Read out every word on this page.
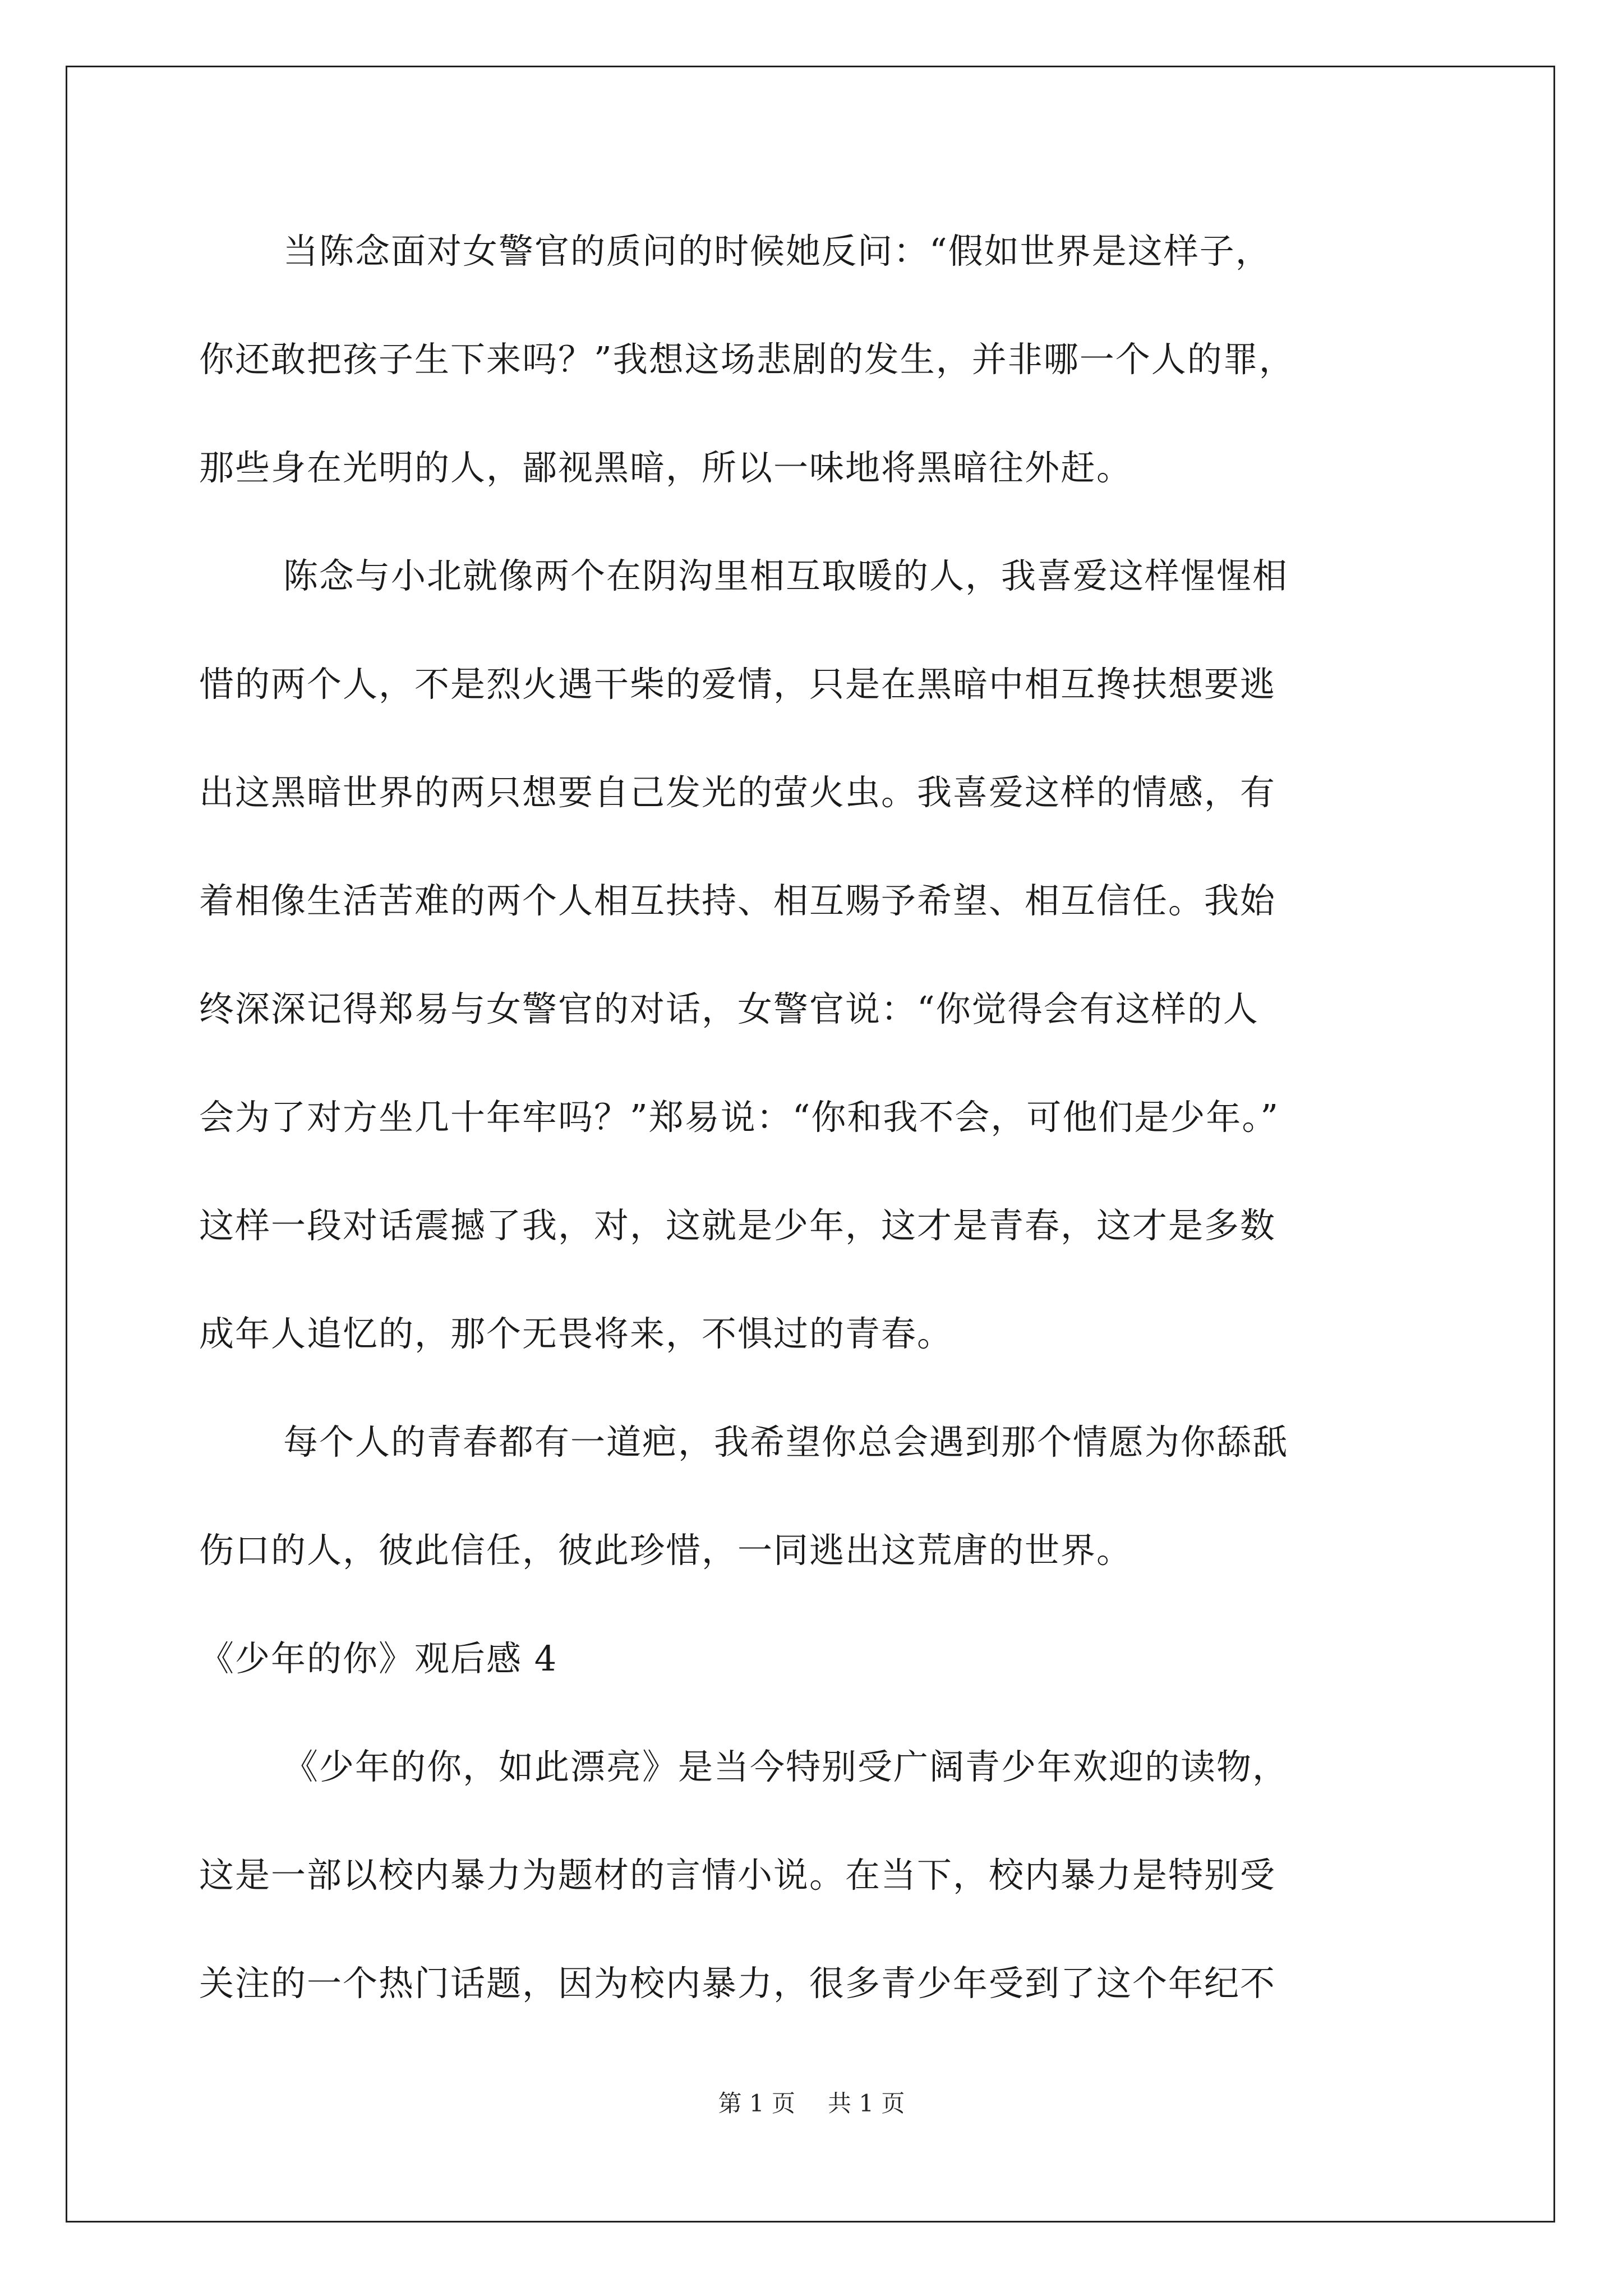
当陈念面对女警官的质问的时候她反问：“假如世界是这样子，
你还敢把孩子生下来吗？”我想这场悲剧的发生，并非哪一个人的罪，
那些身在光明的人，鄙视黑暗，所以一味地将黑暗往外赶。
陈念与小北就像两个在阴沟里相互取暖的人，我喜爱这样惺惺相
惜的两个人，不是烈火遇干柴的爱情，只是在黑暗中相互搀扶想要逃
出这黑暗世界的两只想要自己发光的萤火虫。我喜爱这样的情感，有
着相像生活苦难的两个人相互扶持、相互赐予希望、相互信任。我始
终深深记得郑易与女警官的对话，女警官说：“你觉得会有这样的人
会为了对方坐几十年牢吗？”郑易说：“你和我不会，可他们是少年。”
这样一段对话震撼了我，对，这就是少年，这才是青春，这才是多数
成年人追忆的，那个无畏将来，不惧过的青春。
每个人的青春都有一道疤，我希望你总会遇到那个情愿为你舔舐
伤口的人，彼此信任，彼此珍惜，一同逃出这荒唐的世界。
《少年的你》观后感 4
《少年的你，如此漂亮》是当今特别受广阔青少年欢迎的读物，
这是一部以校内暴力为题材的言情小说。在当下，校内暴力是特别受
关注的一个热门话题，因为校内暴力，很多青少年受到了这个年纪不
第 1 页 共 1 页
